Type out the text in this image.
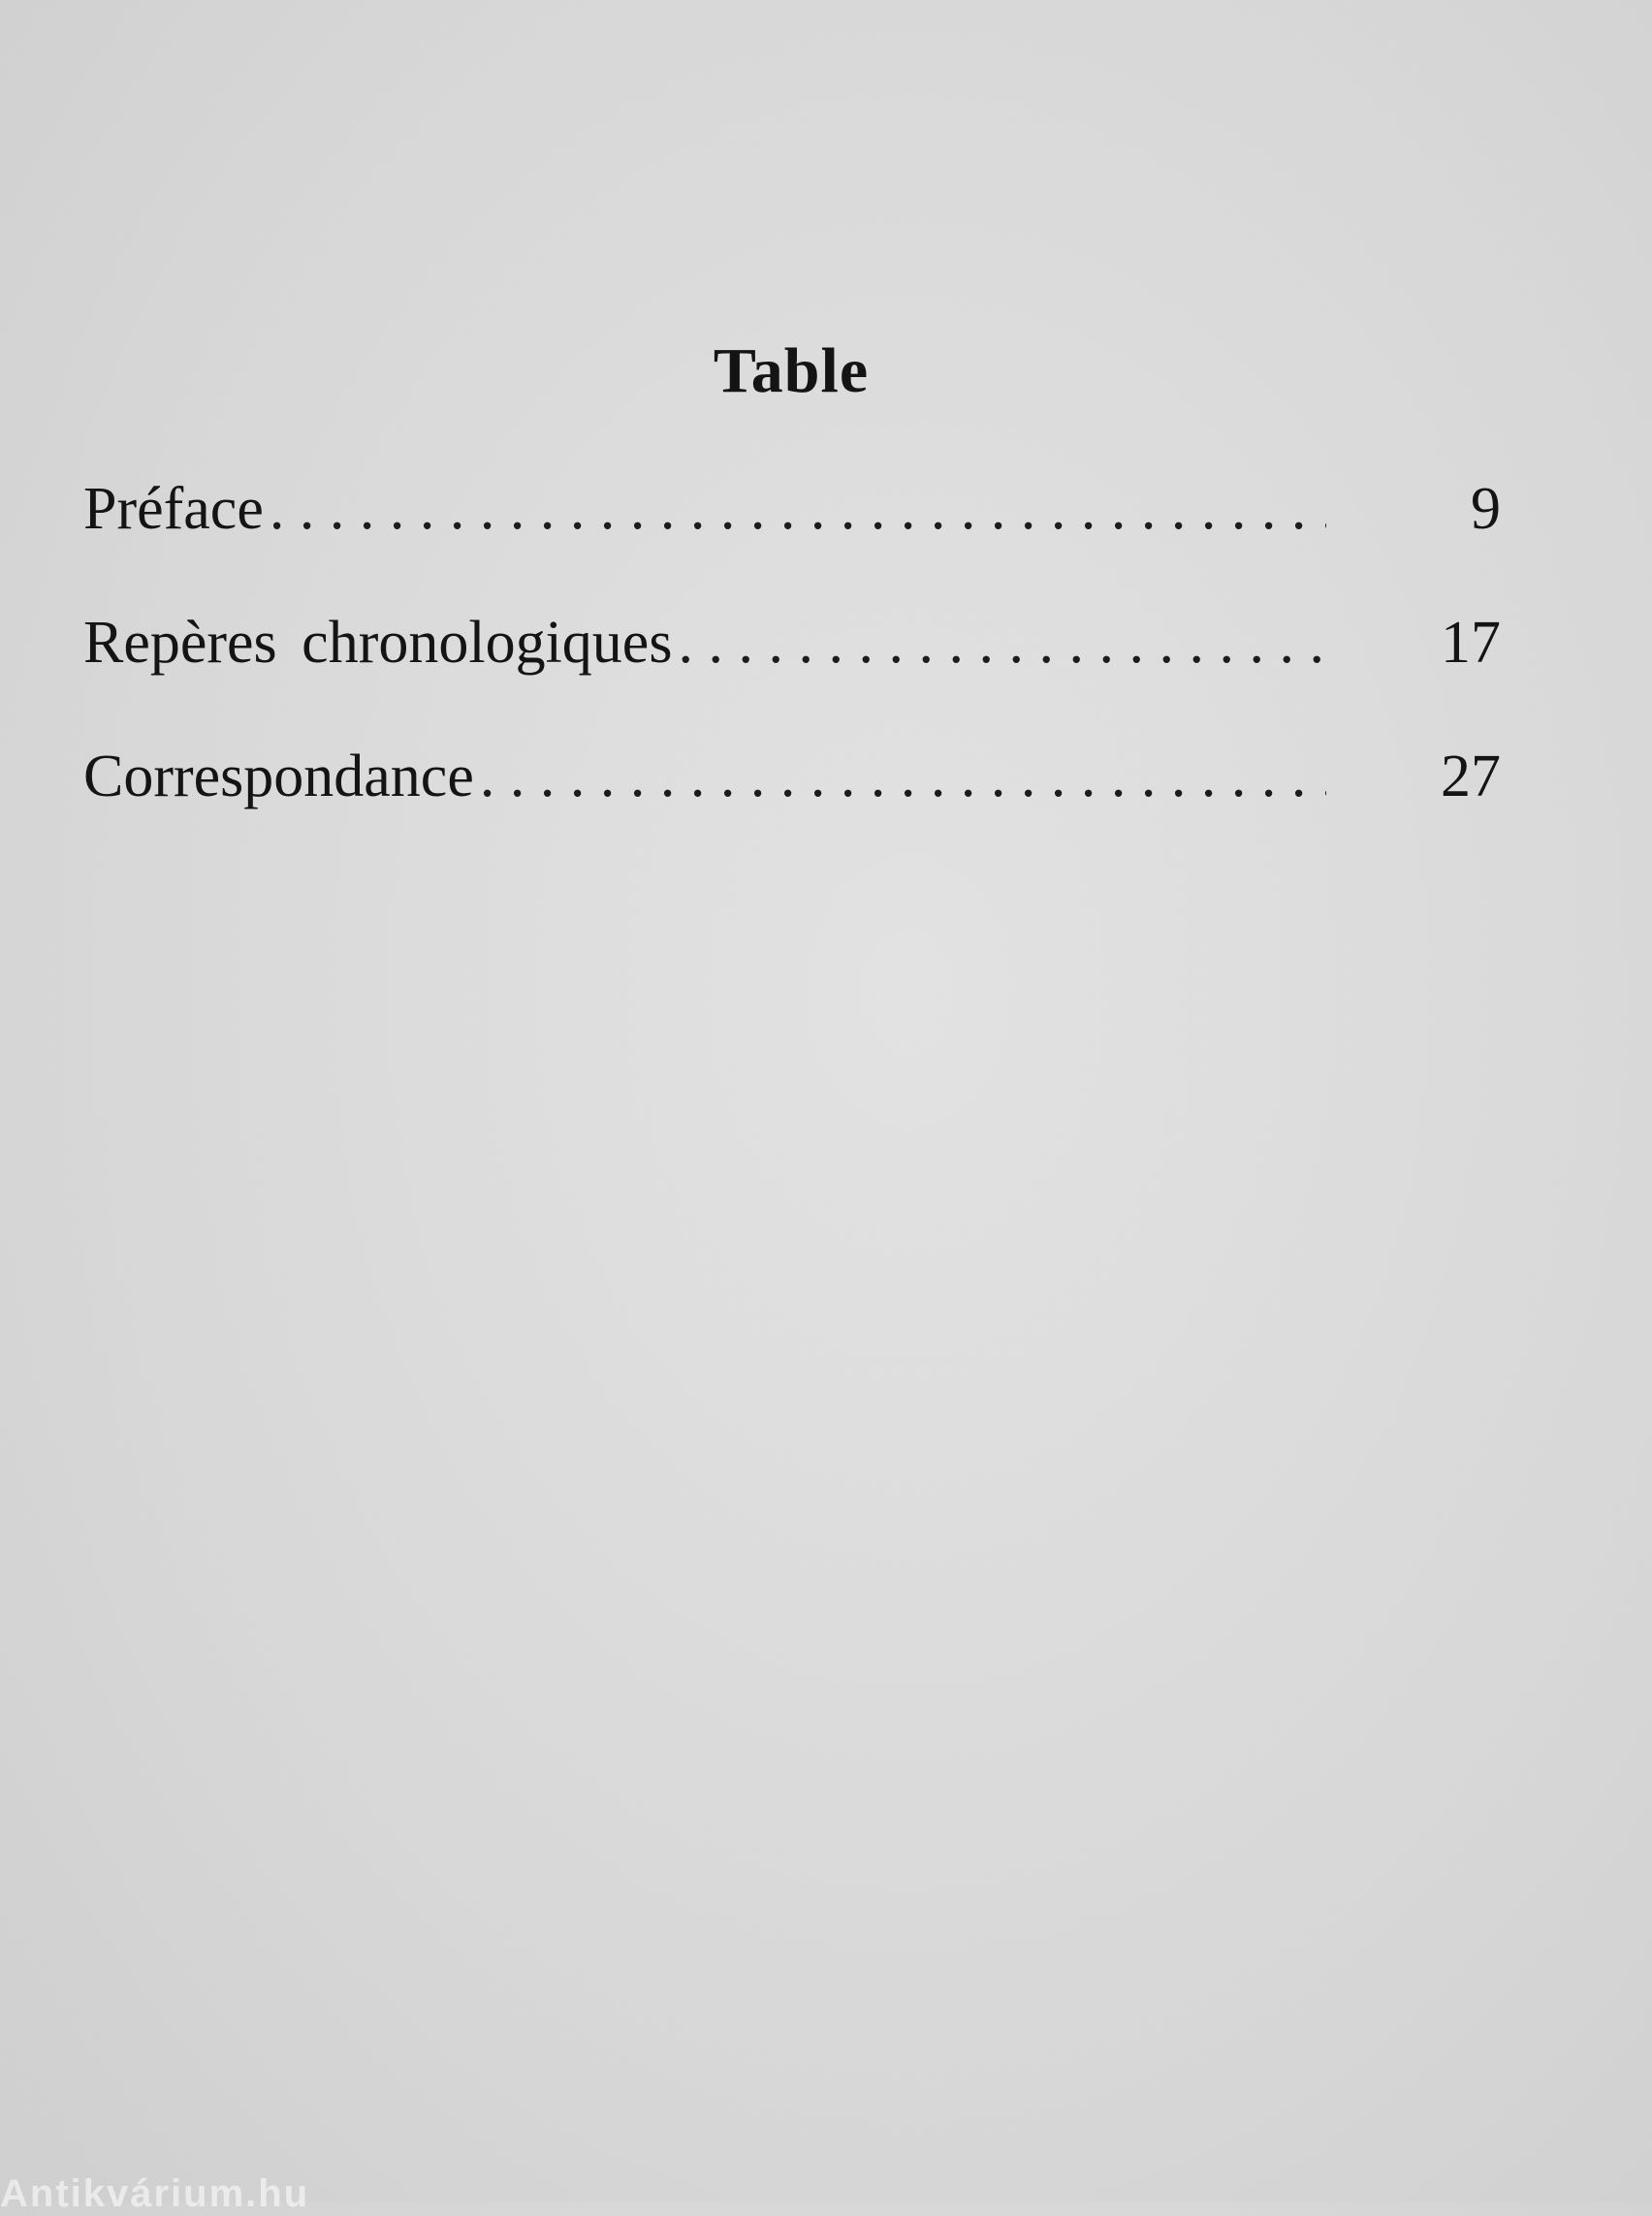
Table
Préface . . .	9
Repères chronologiques . . .	17
Correspondance . . .	27

Antikvárium.hu
